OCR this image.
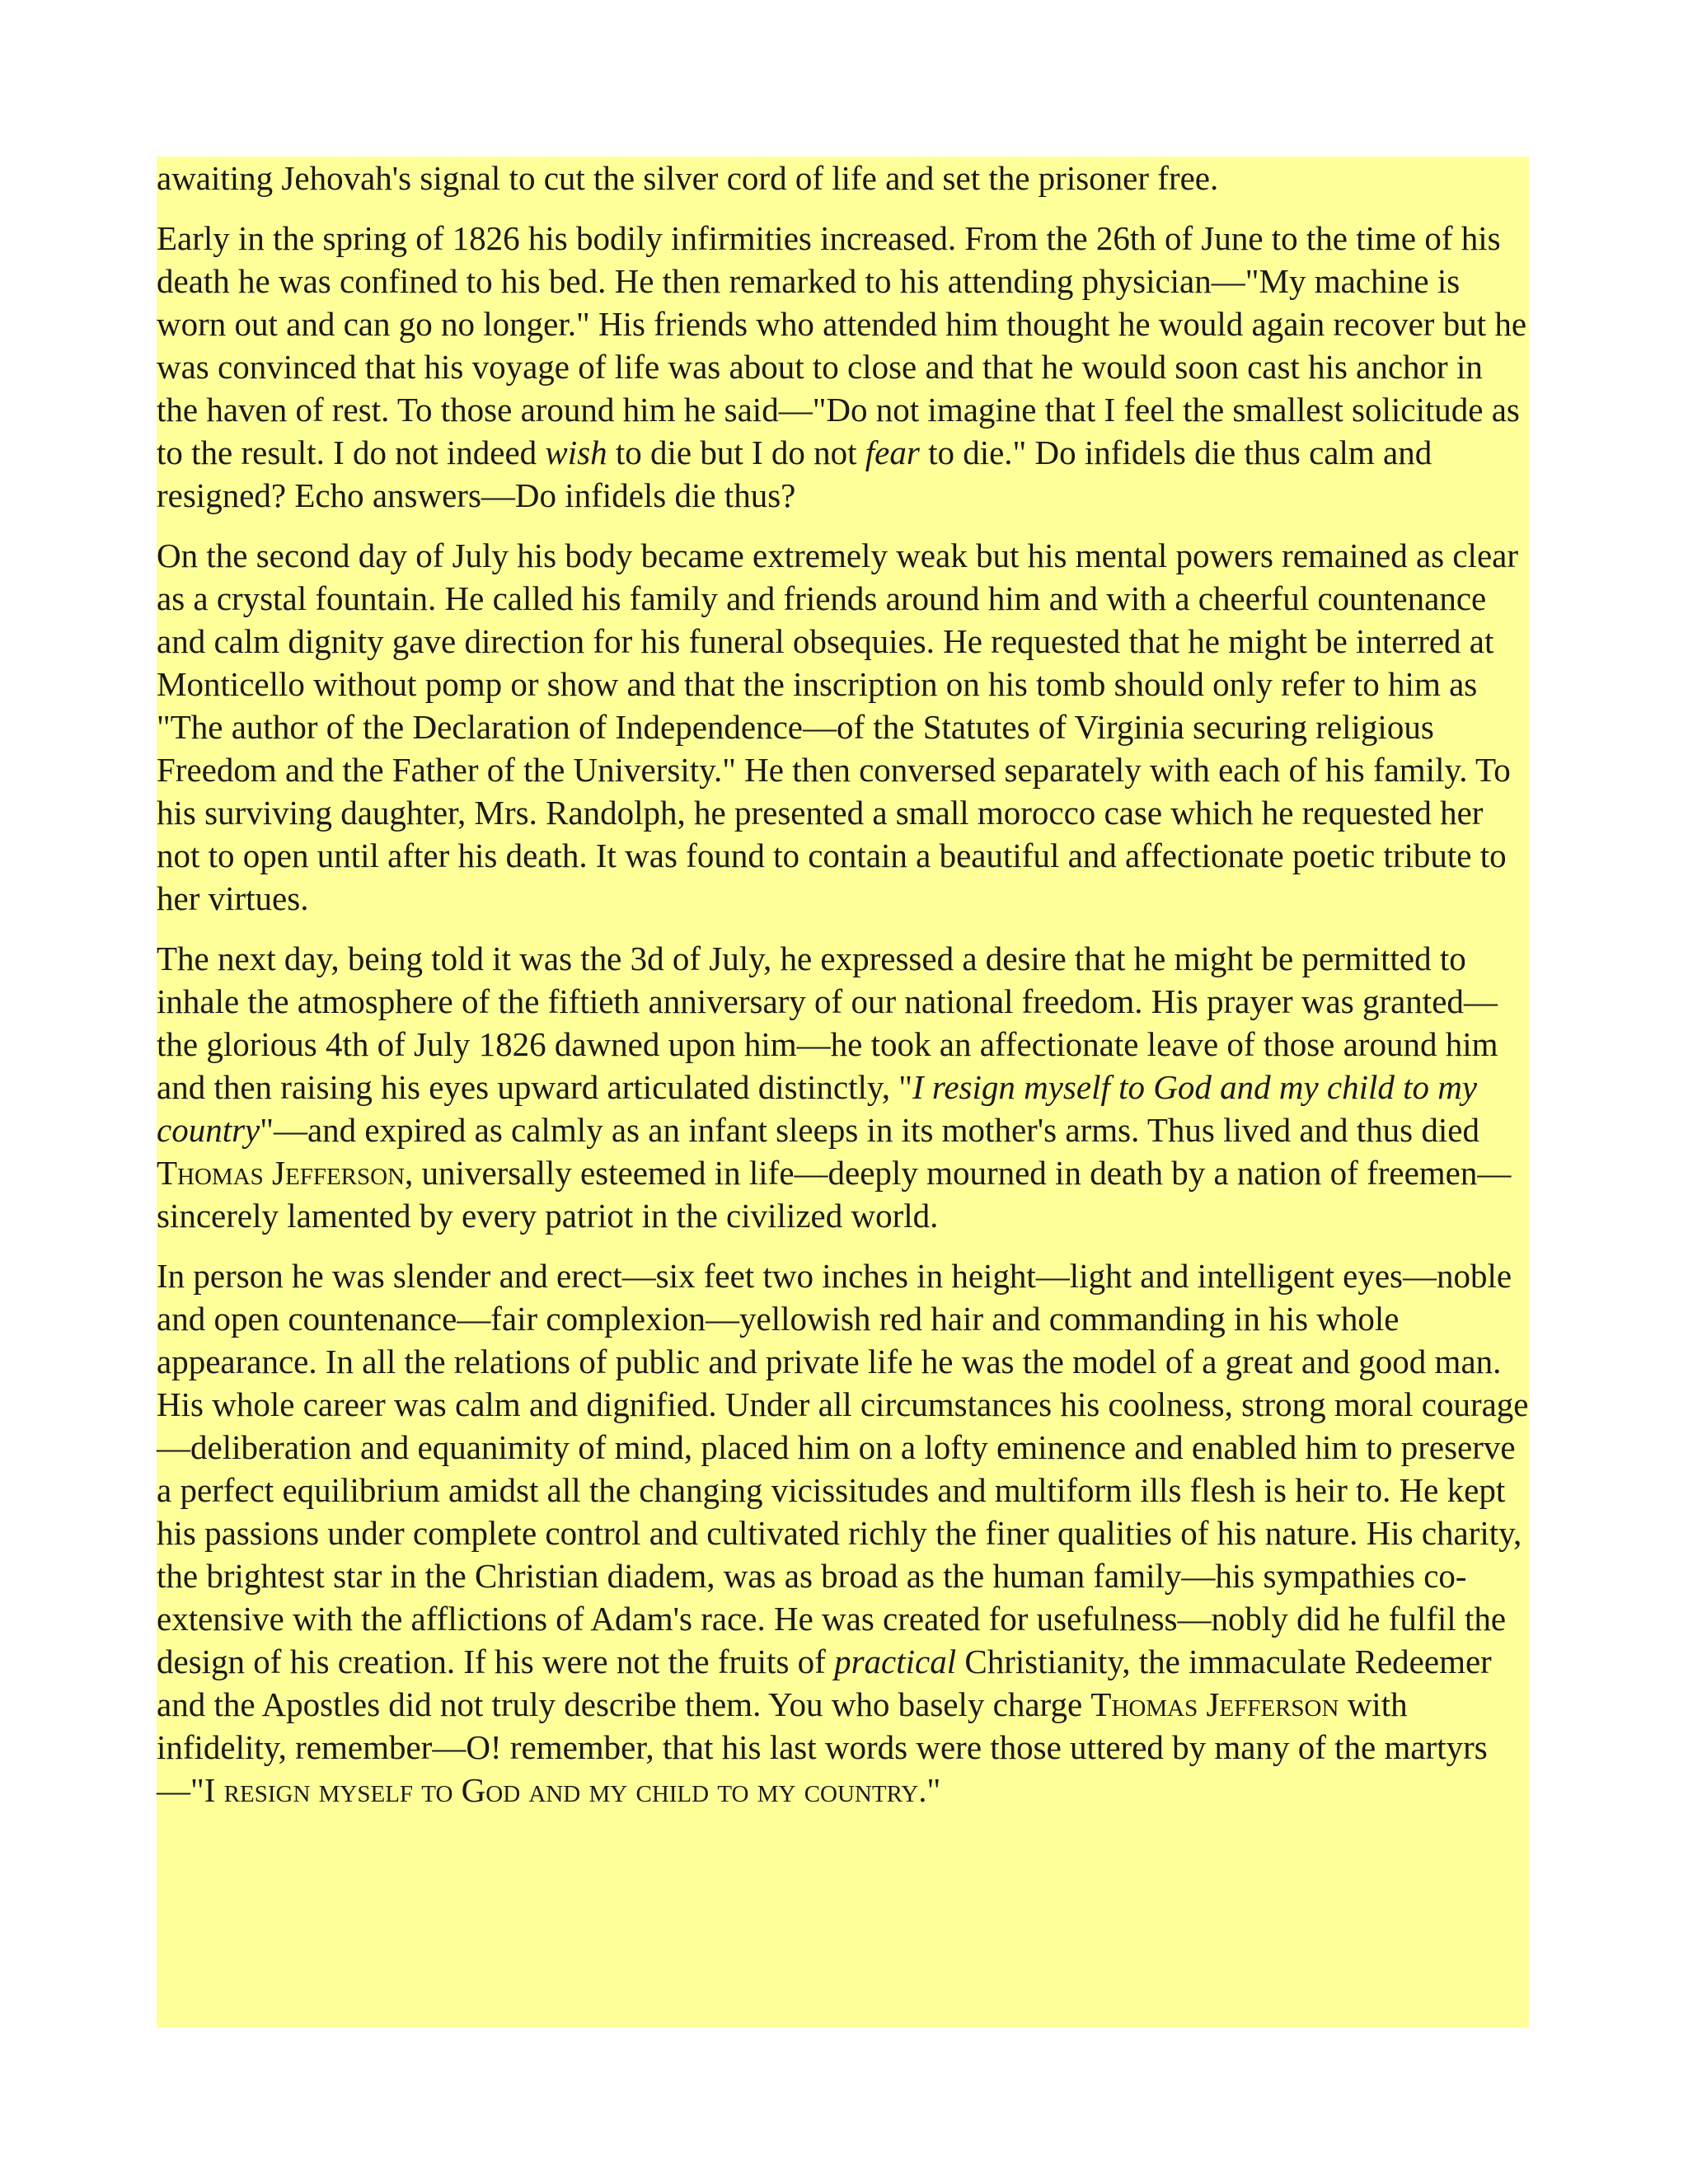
awaiting Jehovah's signal to cut the silver cord of life and set the prisoner free.

Early in the spring of 1826 his bodily infirmities increased. From the 26th of June to the time of his death he was confined to his bed. He then remarked to his attending physician—"My machine is worn out and can go no longer." His friends who attended him thought he would again recover but he was convinced that his voyage of life was about to close and that he would soon cast his anchor in the haven of rest. To those around him he said—"Do not imagine that I feel the smallest solicitude as to the result. I do not indeed wish to die but I do not fear to die." Do infidels die thus calm and resigned? Echo answers—Do infidels die thus?

On the second day of July his body became extremely weak but his mental powers remained as clear as a crystal fountain. He called his family and friends around him and with a cheerful countenance and calm dignity gave direction for his funeral obsequies. He requested that he might be interred at Monticello without pomp or show and that the inscription on his tomb should only refer to him as "The author of the Declaration of Independence—of the Statutes of Virginia securing religious Freedom and the Father of the University." He then conversed separately with each of his family. To his surviving daughter, Mrs. Randolph, he presented a small morocco case which he requested her not to open until after his death. It was found to contain a beautiful and affectionate poetic tribute to her virtues.

The next day, being told it was the 3d of July, he expressed a desire that he might be permitted to inhale the atmosphere of the fiftieth anniversary of our national freedom. His prayer was granted—the glorious 4th of July 1826 dawned upon him—he took an affectionate leave of those around him and then raising his eyes upward articulated distinctly, "I resign myself to God and my child to my country"—and expired as calmly as an infant sleeps in its mother's arms. Thus lived and thus died Thomas Jefferson, universally esteemed in life—deeply mourned in death by a nation of freemen—sincerely lamented by every patriot in the civilized world.

In person he was slender and erect—six feet two inches in height—light and intelligent eyes—noble and open countenance—fair complexion—yellowish red hair and commanding in his whole appearance. In all the relations of public and private life he was the model of a great and good man. His whole career was calm and dignified. Under all circumstances his coolness, strong moral courage—deliberation and equanimity of mind, placed him on a lofty eminence and enabled him to preserve a perfect equilibrium amidst all the changing vicissitudes and multiform ills flesh is heir to. He kept his passions under complete control and cultivated richly the finer qualities of his nature. His charity, the brightest star in the Christian diadem, was as broad as the human family—his sympathies co-extensive with the afflictions of Adam's race. He was created for usefulness—nobly did he fulfil the design of his creation. If his were not the fruits of practical Christianity, the immaculate Redeemer and the Apostles did not truly describe them. You who basely charge Thomas Jefferson with infidelity, remember—O! remember, that his last words were those uttered by many of the martyrs—"I resign myself to God and my child to my country."
